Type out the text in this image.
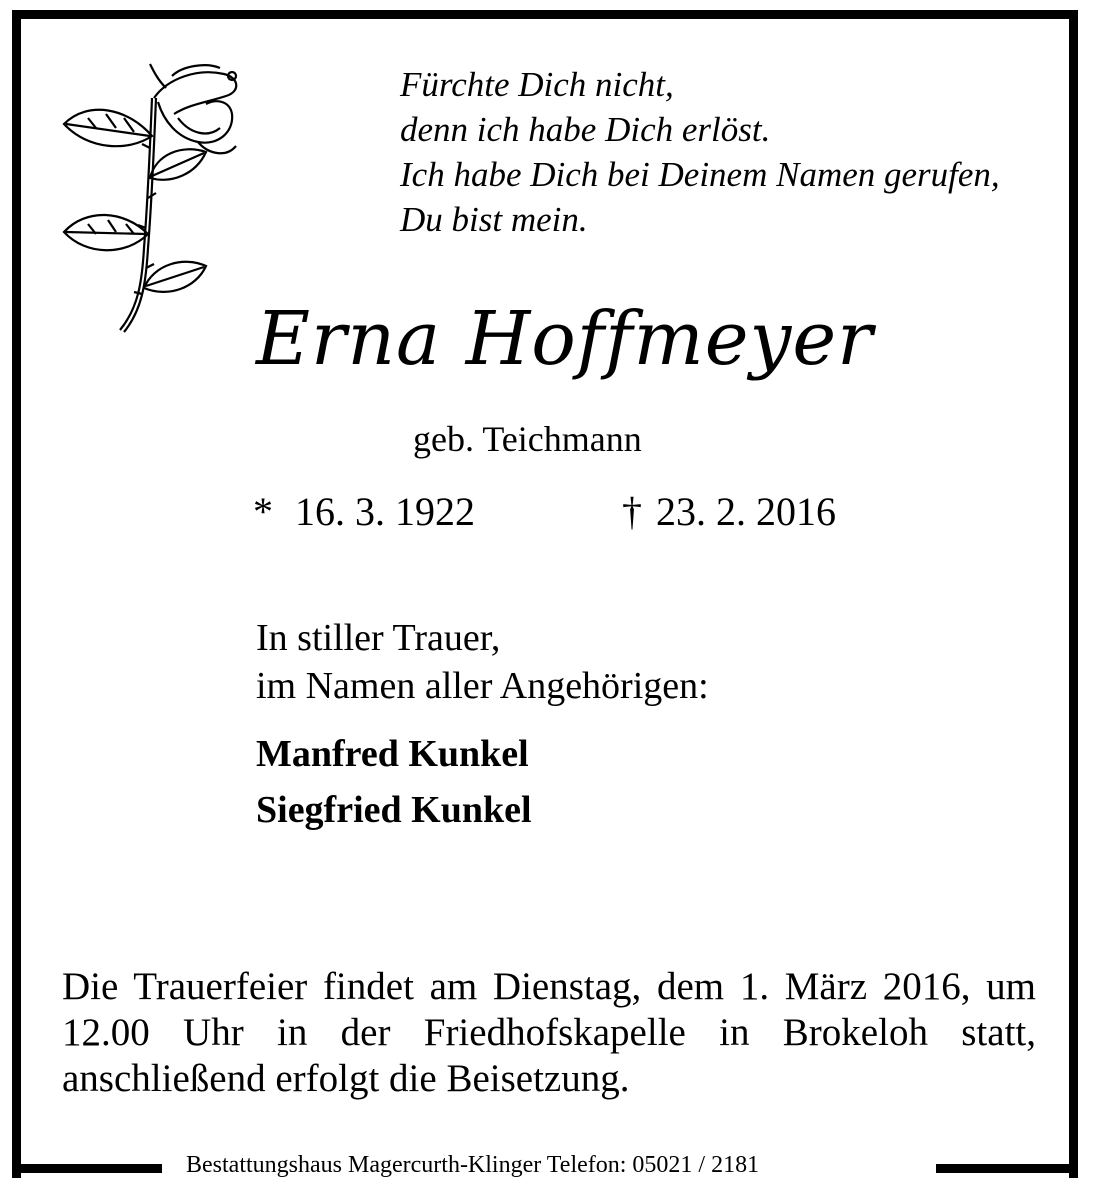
Fürchte Dich nicht,
denn ich habe Dich erlöst.
Ich habe Dich bei Deinem Namen gerufen,
Du bist mein.
Erna Hoffmeyer
geb. Teichmann
* 16. 3. 1922	† 23. 2. 2016
In stiller Trauer,
im Namen aller Angehörigen:
Manfred Kunkel
Siegfried Kunkel
Die Trauerfeier findet am Dienstag, dem 1. März 2016, um
12.00 Uhr in der Friedhofskapelle in Brokeloh statt,
anschließend erfolgt die Beisetzung.
Bestattungshaus Magercurth-Klinger Telefon: 05021 / 2181
